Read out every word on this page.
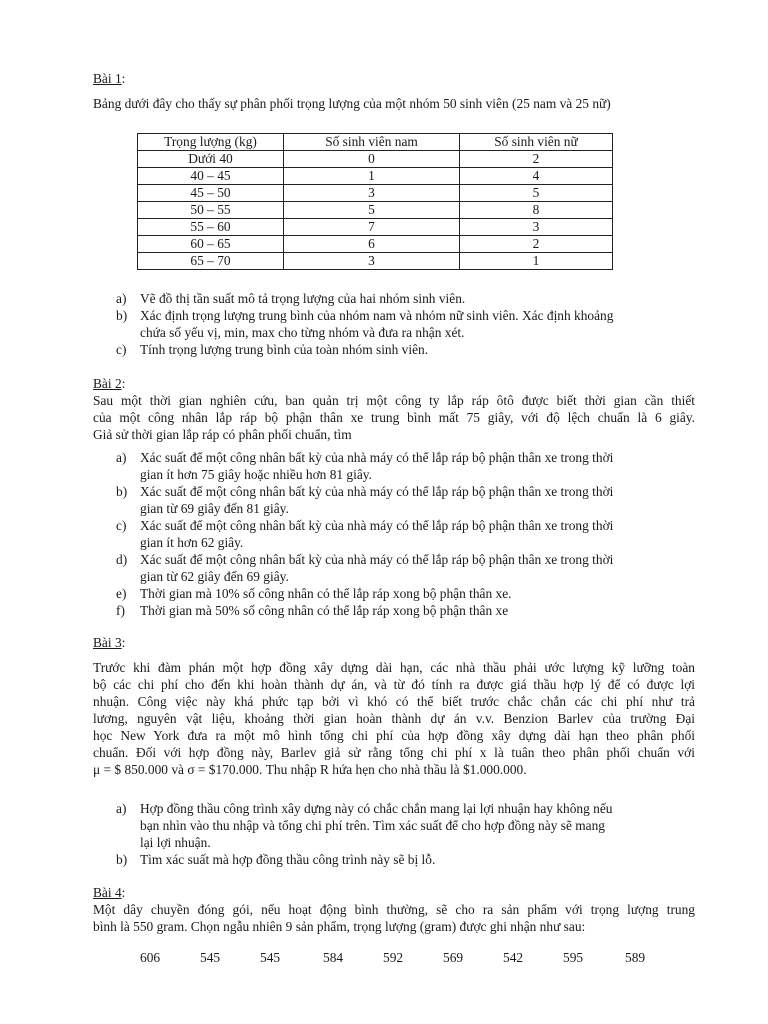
Bài 1:
Bảng dưới đây cho thấy sự phân phối trọng lượng của một nhóm 50 sinh viên (25 nam và 25 nữ)
Trọng lượng (kg)	Số sinh viên nam	Số sinh viên nữ
Dưới 40	0	2
40 – 45	1	4
45 – 50	3	5
50 – 55	5	8
55 – 60	7	3
60 – 65	6	2
65 – 70	3	1
a) Vẽ đồ thị tần suất mô tả trọng lượng của hai nhóm sinh viên.
b) Xác định trọng lượng trung bình của nhóm nam và nhóm nữ sinh viên. Xác định khoảng
chứa số yếu vị, min, max cho từng nhóm và đưa ra nhận xét.
c) Tính trọng lượng trung bình của toàn nhóm sinh viên.
Bài 2:
Sau một thời gian nghiên cứu, ban quản trị một công ty lắp ráp ôtô được biết thời gian cần thiết
của một công nhân lắp ráp bộ phận thân xe trung bình mất 75 giây, với độ lệch chuẩn là 6 giây.
Giả sử thời gian lắp ráp có phân phối chuẩn, tìm
a) Xác suất để một công nhân bất kỳ của nhà máy có thể lắp ráp bộ phận thân xe trong thời
gian ít hơn 75 giây hoặc nhiều hơn 81 giây.
b) Xác suất để một công nhân bất kỳ của nhà máy có thể lắp ráp bộ phận thân xe trong thời
gian từ 69 giây đến 81 giây.
c) Xác suất để một công nhân bất kỳ của nhà máy có thể lắp ráp bộ phận thân xe trong thời
gian ít hơn 62 giây.
d) Xác suất để một công nhân bất kỳ của nhà máy có thể lắp ráp bộ phận thân xe trong thời
gian từ 62 giây đến 69 giây.
e) Thời gian mà 10% số công nhân có thể lắp ráp xong bộ phận thân xe.
f) Thời gian mà 50% số công nhân có thể lắp ráp xong bộ phận thân xe
Bài 3:
Trước khi đàm phán một hợp đồng xây dựng dài hạn, các nhà thầu phải ước lượng kỹ lưỡng toàn
bộ các chi phí cho đến khi hoàn thành dự án, và từ đó tính ra được giá thầu hợp lý để có được lợi
nhuận. Công việc này khá phức tạp bởi vì khó có thể biết trước chắc chắn các chi phí như trả
lương, nguyên vật liệu, khoảng thời gian hoàn thành dự án v.v. Benzion Barlev của trường Đại
học New York đưa ra một mô hình tổng chi phí của hợp đồng xây dựng dài hạn theo phân phối
chuẩn. Đối với hợp đồng này, Barlev giả sử rằng tổng chi phí x là tuân theo phân phối chuẩn với
μ = $ 850.000 và σ = $170.000. Thu nhập R hứa hẹn cho nhà thầu là $1.000.000.
a) Hợp đồng thầu công trình xây dựng này có chắc chắn mang lại lợi nhuận hay không nếu
bạn nhìn vào thu nhập và tổng chi phí trên. Tìm xác suất để cho hợp đồng này sẽ mang
lại lợi nhuận.
b) Tìm xác suất mà hợp đồng thầu công trình này sẽ bị lỗ.
Bài 4:
Một dây chuyền đóng gói, nếu hoạt động bình thường, sẽ cho ra sản phẩm với trọng lượng trung
bình là 550 gram. Chọn ngẫu nhiên 9 sản phẩm, trọng lượng (gram) được ghi nhận như sau:
606	545	545	584	592	569	542	595	589
